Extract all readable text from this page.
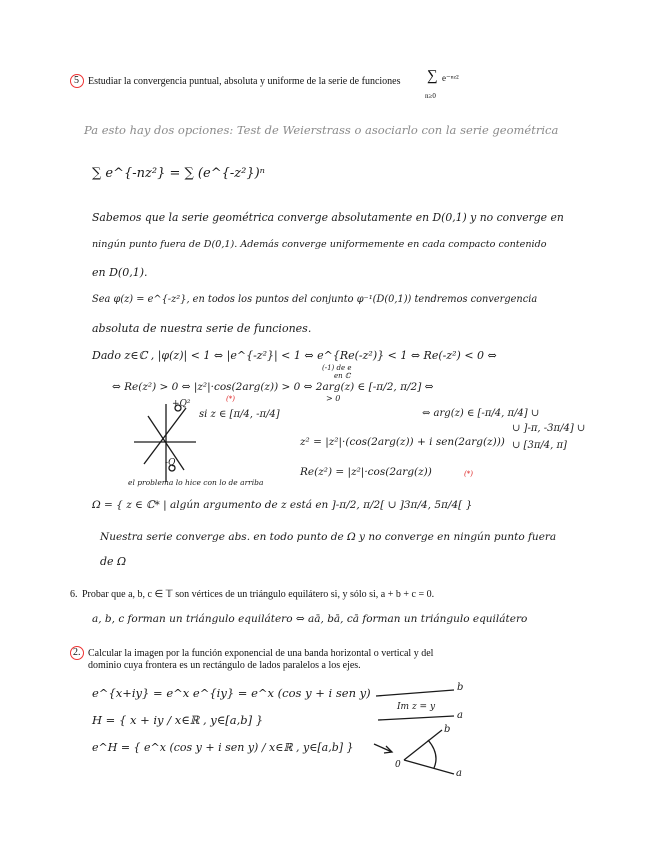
5 Estudiar la convergencia puntual, absoluta y uniforme de la serie de funciones ∑ e⁻ⁿᶻ²
n≥0
Pa esto hay dos opciones: Test de Weierstrass o asociarlo con la serie geométrica
∑ e^{-nz²} = ∑ (e^{-z²})ⁿ
Sabemos que la serie geométrica converge absolutamente en D(0,1) y no converge en
ningún punto fuera de D(0,1). Además converge uniformemente en cada compacto contenido
en D(0,1).
Sea φ(z) = e^{-z²}, en todos los puntos del conjunto φ⁻¹(D(0,1)) tendremos convergencia
absoluta de nuestra serie de funciones.
Dado z∈ℂ , |φ(z)| < 1 ⇔ |e^{-z²}| < 1 ⇔ e^{Re(-z²)} < 1 ⇔ Re(-z²) < 0 ⇔
(-1) de e
en ℂ
⇔ Re(z²) > 0 ⇔ |z²|·cos(2arg(z)) > 0 ⇔ 2arg(z) ∈ [-π/2, π/2] ⇔
(*)	> 0
+Q²
si z ∈ [π/4, -π/4]	⇔ arg(z) ∈ [-π/4, π/4] ∪
∪ ]-π, -3π/4] ∪
∪ [3π/4, π]
z² = |z²|·(cos(2arg(z)) + i sen(2arg(z)))
-Q
Re(z²) = |z²|·cos(2arg(z))	(*)
el problema lo hice con lo de arriba
Ω = { z ∈ ℂ* | algún argumento de z está en ]-π/2, π/2[ ∪ ]3π/4, 5π/4[ }
Nuestra serie converge abs. en todo punto de Ω y no converge en ningún punto fuera
de Ω
6. Probar que a, b, c ∈ 𝕋 son vértices de un triángulo equilátero si, y sólo si, a + b + c = 0.
a, b, c forman un triángulo equilátero ⇔ aā, bā, cā forman un triángulo equilátero
2. Calcular la imagen por la función exponencial de una banda horizontal o vertical y del
dominio cuya frontera es un rectángulo de lados paralelos a los ejes.
e^{x+iy} = e^x e^{iy} = e^x (cos y + i sen y)
H = { x + iy / x∈ℝ , y∈[a,b] }
e^H = { e^x (cos y + i sen y) / x∈ℝ , y∈[a,b] }
b
Im z = y
a
b
0
a
